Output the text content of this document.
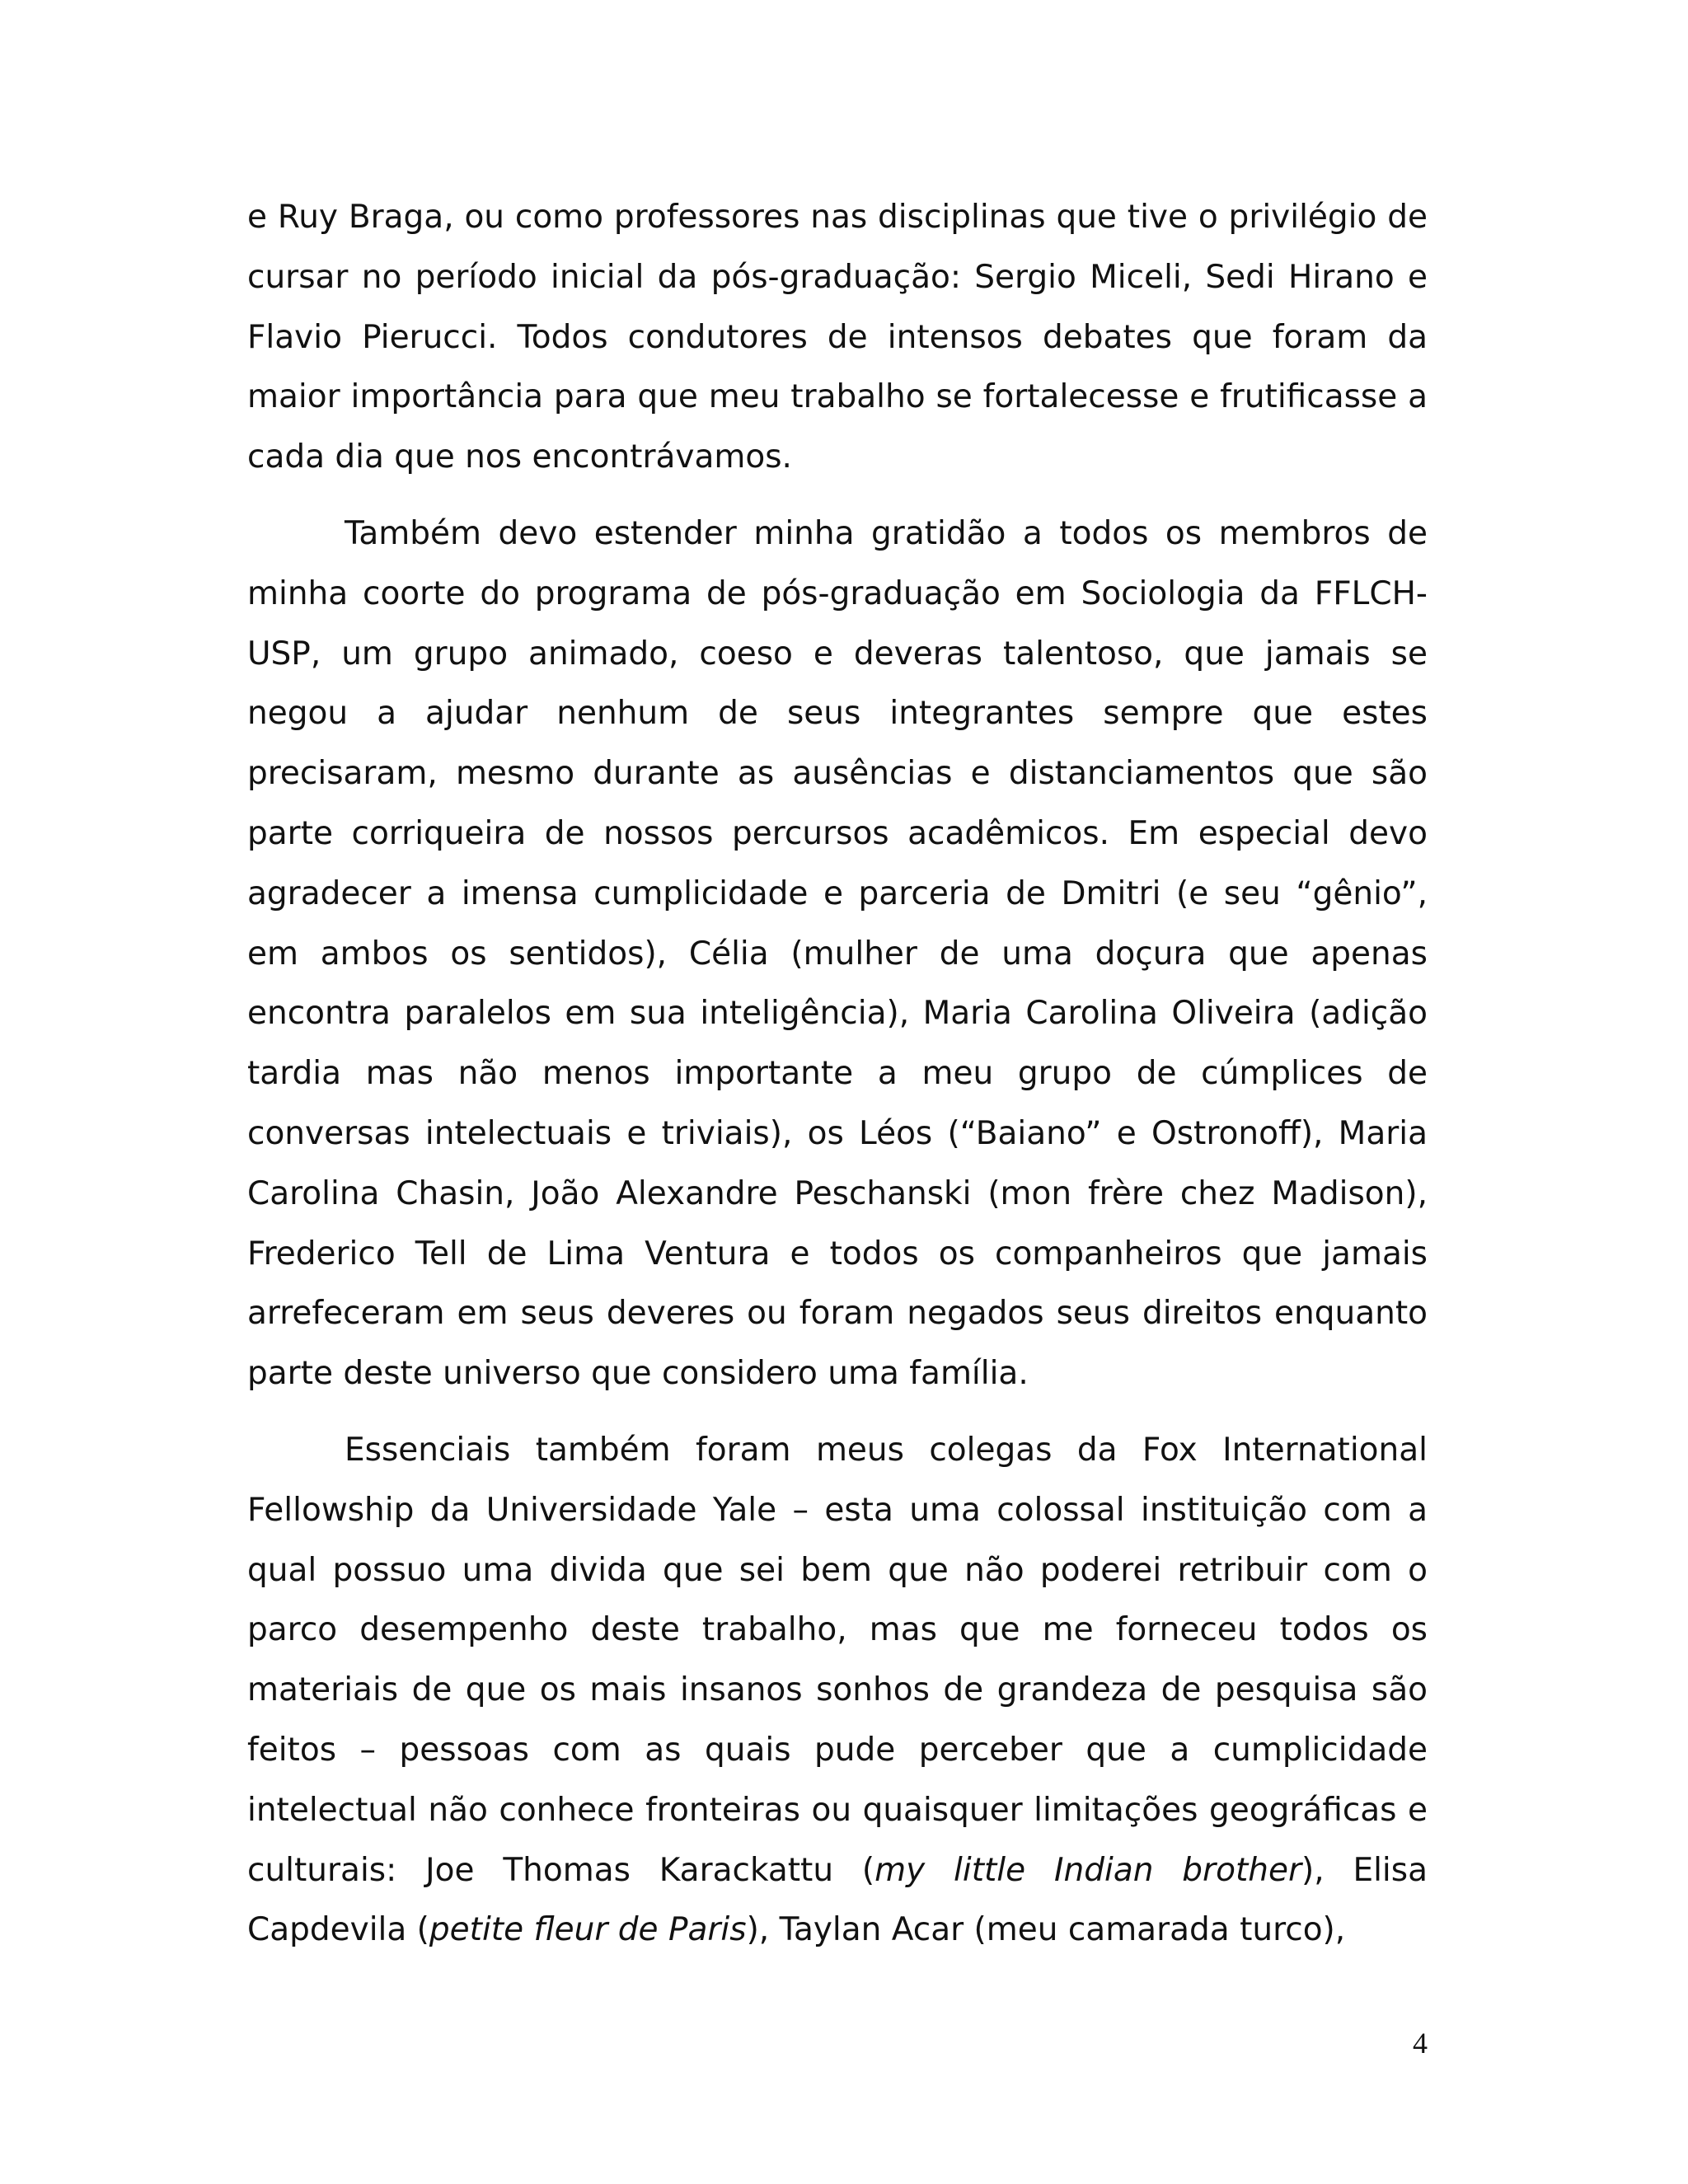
e Ruy Braga, ou como professores nas disciplinas que tive o privilégio de cursar no período inicial da pós-graduação: Sergio Miceli, Sedi Hirano e Flavio Pierucci. Todos condutores de intensos debates que foram da maior importância para que meu trabalho se fortalecesse e frutificasse a cada dia que nos encontrávamos.

Também devo estender minha gratidão a todos os membros de minha coorte do programa de pós-graduação em Sociologia da FFLCH-USP, um grupo animado, coeso e deveras talentoso, que jamais se negou a ajudar nenhum de seus integrantes sempre que estes precisaram, mesmo durante as ausências e distanciamentos que são parte corriqueira de nossos percursos acadêmicos. Em especial devo agradecer a imensa cumplicidade e parceria de Dmitri (e seu “gênio”, em ambos os sentidos), Célia (mulher de uma doçura que apenas encontra paralelos em sua inteligência), Maria Carolina Oliveira (adição tardia mas não menos importante a meu grupo de cúmplices de conversas intelectuais e triviais), os Léos (“Baiano” e Ostronoff), Maria Carolina Chasin, João Alexandre Peschanski (mon frère chez Madison), Frederico Tell de Lima Ventura e todos os companheiros que jamais arrefeceram em seus deveres ou foram negados seus direitos enquanto parte deste universo que considero uma família.

Essenciais também foram meus colegas da Fox International Fellowship da Universidade Yale – esta uma colossal instituição com a qual possuo uma divida que sei bem que não poderei retribuir com o parco desempenho deste trabalho, mas que me forneceu todos os materiais de que os mais insanos sonhos de grandeza de pesquisa são feitos – pessoas com as quais pude perceber que a cumplicidade intelectual não conhece fronteiras ou quaisquer limitações geográficas e culturais: Joe Thomas Karackattu (my little Indian brother), Elisa Capdevila (petite fleur de Paris), Taylan Acar (meu camarada turco),

4
